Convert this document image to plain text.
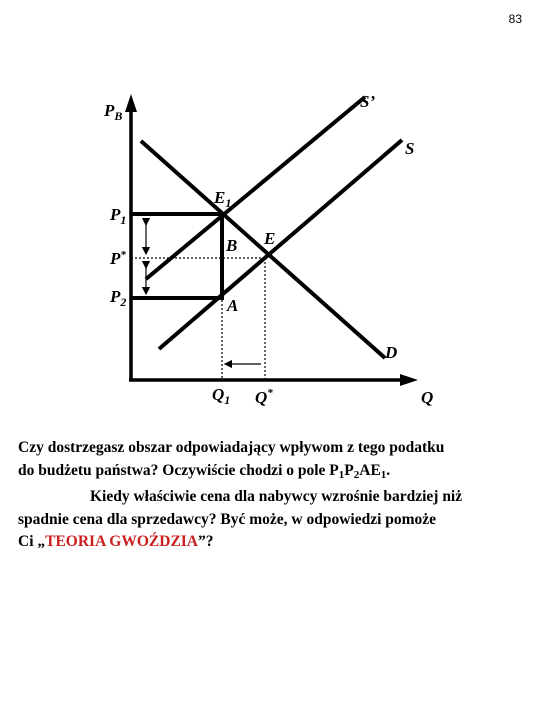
83
$P_B$
Q
S’
S
D
$E_1$
E
B
A
$P_1$
P*
$P_2$
$Q_1$ Q*

Czy dostrzegasz obszar odpowiadający wpływom z tego podatku

do budżetu państwa? Oczywiście chodzi o pole P1P2AE1.

Kiedy właściwie cena dla nabywcy wzrośnie bardziej niż

spadnie cena dla sprzedawcy? Być może, w odpowiedzi pomoże

Ci „TEORIA GWOŹDZIA”?
